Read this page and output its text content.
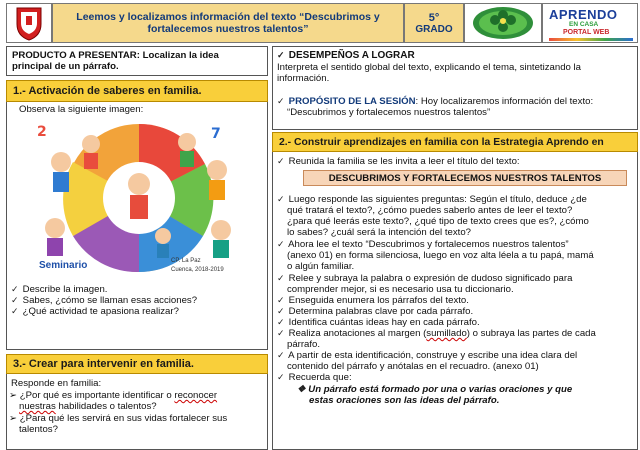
Leemos y localizamos información del texto “Descubrimos y
fortalecemos nuestros talentos”
5°
GRADO
APRENDO
EN CASA
PORTAL WEB
PRODUCTO A PRESENTAR: Localizan la idea
principal de un párrafo.
1.- Activación de saberes en familia.
Observa la siguiente imagen:
2	7
Seminario	CP. La Paz
Cuenca, 2018-2019
✓ Describe la imagen.
✓ Sabes, ¿cómo se llaman esas acciones?
✓ ¿Qué actividad te apasiona realizar?
3.- Crear para intervenir en familia.
Responde en familia:
➢ ¿Por qué es importante identificar o reconocer
nuestras habilidades o talentos?
➢ ¿Para qué les servirá en sus vidas fortalecer sus
talentos?
✓ DESEMPEÑOS A LOGRAR
Interpreta el sentido global del texto, explicando el tema, sintetizando la
información.
✓ PROPÓSITO DE LA SESIÓN: Hoy localizaremos información del texto:
“Descubrimos y fortalecemos nuestros talentos”
2.- Construir aprendizajes en familia con la Estrategia Aprendo en
✓ Reunida la familia se les invita a leer el título del texto:
DESCUBRIMOS Y FORTALECEMOS NUESTROS TALENTOS
✓ Luego responde las siguientes preguntas: Según el título, deduce ¿de
qué tratará el texto?, ¿cómo puedes saberlo antes de leer el texto?
¿para qué leerás este texto?, ¿qué tipo de texto crees que es?, ¿cómo
lo sabes? ¿cuál será la intención del texto?
✓ Ahora lee el texto “Descubrimos y fortalecemos nuestros talentos”
(anexo 01) en forma silenciosa, luego en voz alta léela a tu papá, mamá
o algún familiar.
✓ Relee y subraya la palabra o expresión de dudoso significado para
comprender mejor, si es necesario usa tu diccionario.
✓ Enseguida enumera los párrafos del texto.
✓ Determina palabras clave por cada párrafo.
✓ Identifica cuántas ideas hay en cada párrafo.
✓ Realiza anotaciones al margen (sumillado) o subraya las partes de cada
párrafo.
✓ A partir de esta identificación, construye y escribe una idea clara del
contenido del párrafo y anótalas en el recuadro. (anexo 01)
✓ Recuerda que:
❖ Un párrafo está formado por una o varias oraciones y que
estas oraciones son las ideas del párrafo.
